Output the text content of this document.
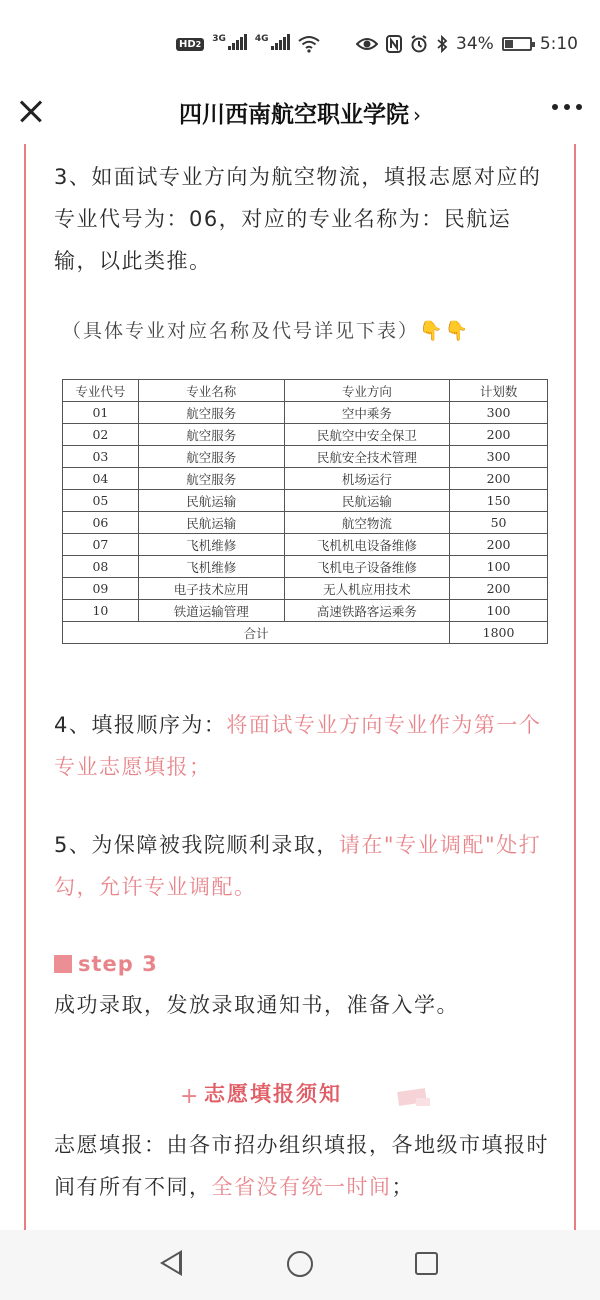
HD2	$^{3G}$	$^{4G}$	34%	5:10
四川西南航空职业学院 ›
3、如面试专业方向为航空物流，填报志愿对应的专业代号为：06，对应的专业名称为：民航运输，以此类推。
（具体专业对应名称及代号详见下表）👇👇
专业代号	专业名称	专业方向	计划数
01	航空服务	空中乘务	300
02	航空服务	民航空中安全保卫	200
03	航空服务	民航安全技术管理	300
04	航空服务	机场运行	200
05	民航运输	民航运输	150
06	民航运输	航空物流	50
07	飞机维修	飞机机电设备维修	200
08	飞机维修	飞机电子设备维修	100
09	电子技术应用	无人机应用技术	200
10	铁道运输管理	高速铁路客运乘务	100
合计			1800
4、填报顺序为：将面试专业方向专业作为第一个专业志愿填报；
5、为保障被我院顺利录取，请在"专业调配"处打勾，允许专业调配。
step 3
成功录取，发放录取通知书，准备入学。
+ 志愿填报须知
志愿填报：由各市招办组织填报，各地级市填报时间有所有不同，全省没有统一时间；
